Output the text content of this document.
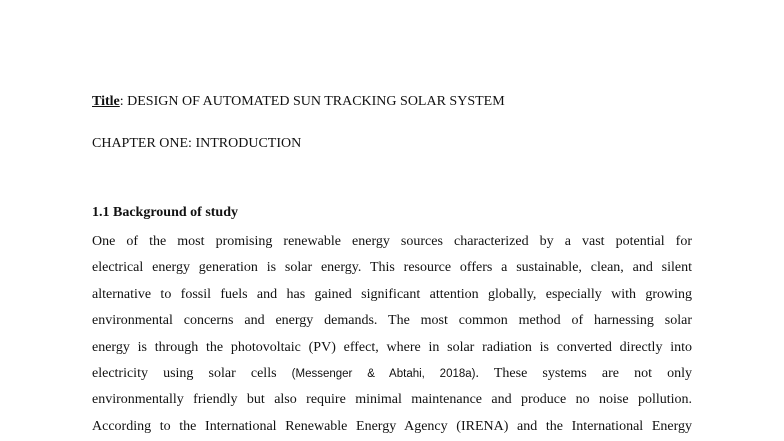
Title: DESIGN OF AUTOMATED SUN TRACKING SOLAR SYSTEM
CHAPTER ONE: INTRODUCTION
1.1 Background of study
One of the most promising renewable energy sources characterized by a vast potential for
electrical energy generation is solar energy. This resource offers a sustainable, clean, and silent
alternative to fossil fuels and has gained significant attention globally, especially with growing
environmental concerns and energy demands. The most common method of harnessing solar
energy is through the photovoltaic (PV) effect, where in solar radiation is converted directly into
electricity using solar cells (Messenger & Abtahi, 2018a). These systems are not only
environmentally friendly but also require minimal maintenance and produce no noise pollution.
According to the International Renewable Energy Agency (IRENA) and the International Energy
